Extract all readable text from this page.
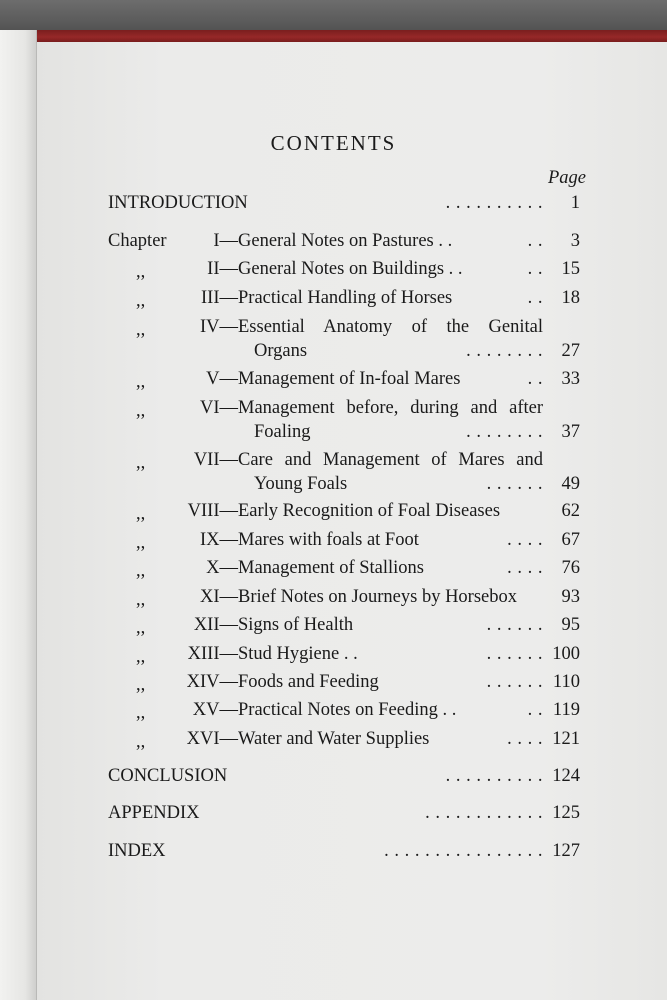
CONTENTS
Page
INTRODUCTION	. . . . . . . . . . 1
Chapter	I— General Notes on Pastures . .	. . 3
,,	II— General Notes on Buildings . .	. . 15
,,	III— Practical Handling of Horses	. . 18
,,	IV— Essential Anatomy of the Genital
Organs	. . . . . . . . 27
,,	V— Management of In-foal Mares	. . 33
,,	VI— Management before, during and after
Foaling	. . . . . . . . 37
,,	VII— Care and Management of Mares and
Young Foals	. . . . . . 49
,, VIII— Early Recognition of Foal Diseases	62
,,	IX— Mares with foals at Foot	. . . . 67
,,	X— Management of Stallions	. . . . 76
,,	XI— Brief Notes on Journeys by Horsebox 93
,,	XII— Signs of Health	. . . . . . 95
,, XIII— Stud Hygiene . .	. . . . . . 100
,, XIV— Foods and Feeding	. . . . . . 110
,,	XV— Practical Notes on Feeding . .	. . 119
,, XVI— Water and Water Supplies	. . . . 121
CONCLUSION	. . . . . . . . . . 124
APPENDIX	. . . . . . . . . . . . 125
INDEX	. . . . . . . . . . . . . . . . 127
